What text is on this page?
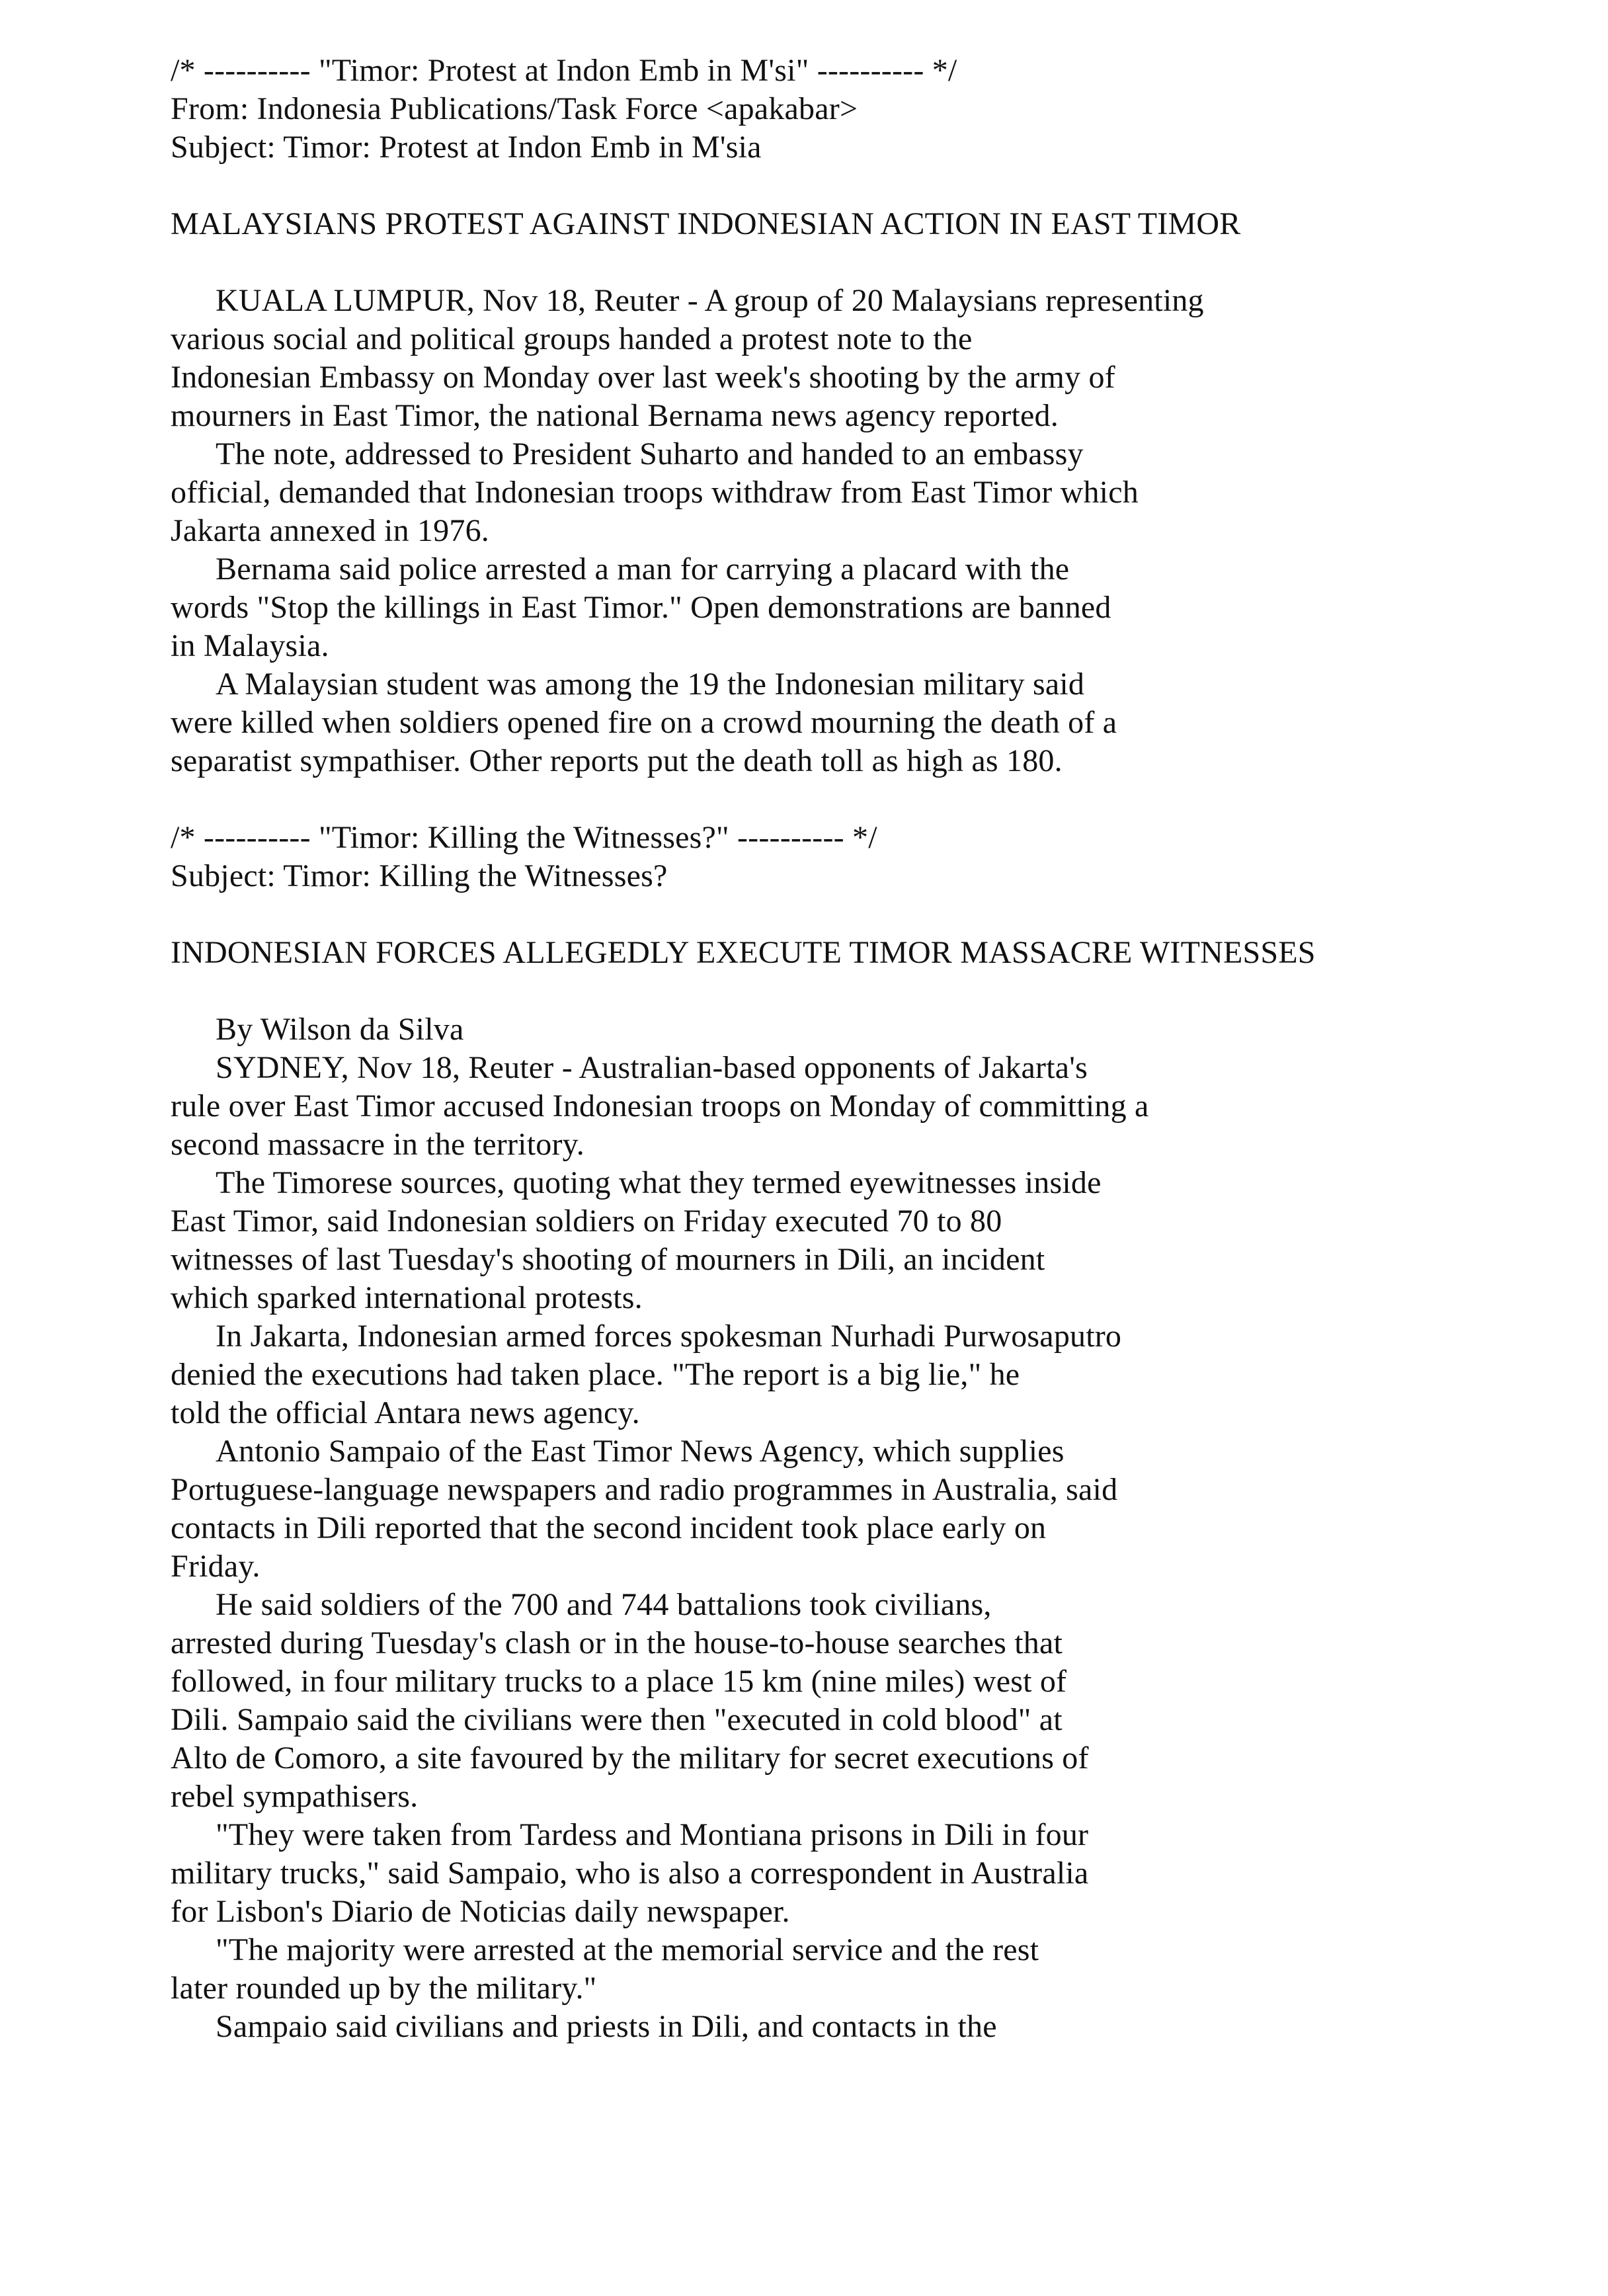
/* ---------- "Timor: Protest at Indon Emb in M'si" ---------- */
From: Indonesia Publications/Task Force <apakabar>
Subject: Timor: Protest at Indon Emb in M'sia
MALAYSIANS PROTEST AGAINST INDONESIAN ACTION IN EAST TIMOR
KUALA LUMPUR, Nov 18, Reuter - A group of 20 Malaysians representing
various social and political groups handed a protest note to the
Indonesian Embassy on Monday over last week's shooting by the army of
mourners in East Timor, the national Bernama news agency reported.
The note, addressed to President Suharto and handed to an embassy
official, demanded that Indonesian troops withdraw from East Timor which
Jakarta annexed in 1976.
Bernama said police arrested a man for carrying a placard with the
words "Stop the killings in East Timor." Open demonstrations are banned
in Malaysia.
A Malaysian student was among the 19 the Indonesian military said
were killed when soldiers opened fire on a crowd mourning the death of a
separatist sympathiser. Other reports put the death toll as high as 180.
/* ---------- "Timor: Killing the Witnesses?" ---------- */
Subject: Timor: Killing the Witnesses?
INDONESIAN FORCES ALLEGEDLY EXECUTE TIMOR MASSACRE WITNESSES
By Wilson da Silva
SYDNEY, Nov 18, Reuter - Australian-based opponents of Jakarta's
rule over East Timor accused Indonesian troops on Monday of committing a
second massacre in the territory.
The Timorese sources, quoting what they termed eyewitnesses inside
East Timor, said Indonesian soldiers on Friday executed 70 to 80
witnesses of last Tuesday's shooting of mourners in Dili, an incident
which sparked international protests.
In Jakarta, Indonesian armed forces spokesman Nurhadi Purwosaputro
denied the executions had taken place. "The report is a big lie," he
told the official Antara news agency.
Antonio Sampaio of the East Timor News Agency, which supplies
Portuguese-language newspapers and radio programmes in Australia, said
contacts in Dili reported that the second incident took place early on
Friday.
He said soldiers of the 700 and 744 battalions took civilians,
arrested during Tuesday's clash or in the house-to-house searches that
followed, in four military trucks to a place 15 km (nine miles) west of
Dili. Sampaio said the civilians were then "executed in cold blood" at
Alto de Comoro, a site favoured by the military for secret executions of
rebel sympathisers.
"They were taken from Tardess and Montiana prisons in Dili in four
military trucks," said Sampaio, who is also a correspondent in Australia
for Lisbon's Diario de Noticias daily newspaper.
"The majority were arrested at the memorial service and the rest
later rounded up by the military."
Sampaio said civilians and priests in Dili, and contacts in the
